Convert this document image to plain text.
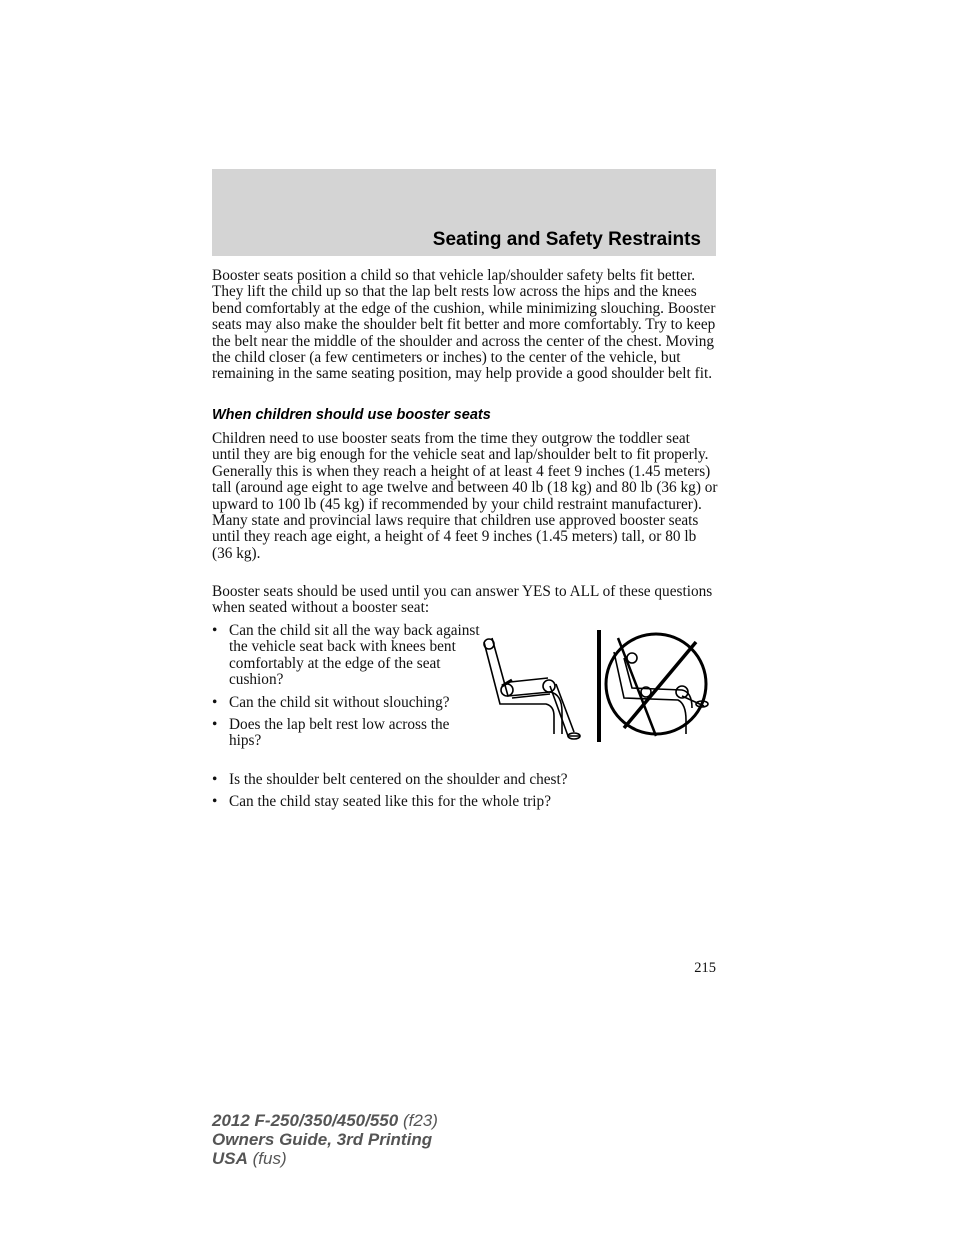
Seating and Safety Restraints

Booster seats position a child so that vehicle lap/shoulder safety belts fit better. They lift the child up so that the lap belt rests low across the hips and the knees bend comfortably at the edge of the cushion, while minimizing slouching. Booster seats may also make the shoulder belt fit better and more comfortably. Try to keep the belt near the middle of the shoulder and across the center of the chest. Moving the child closer (a few centimeters or inches) to the center of the vehicle, but remaining in the same seating position, may help provide a good shoulder belt fit.

When children should use booster seats

Children need to use booster seats from the time they outgrow the toddler seat until they are big enough for the vehicle seat and lap/shoulder belt to fit properly. Generally this is when they reach a height of at least 4 feet 9 inches (1.45 meters) tall (around age eight to age twelve and between 40 lb (18 kg) and 80 lb (36 kg) or upward to 100 lb (45 kg) if recommended by your child restraint manufacturer). Many state and provincial laws require that children use approved booster seats until they reach age eight, a height of 4 feet 9 inches (1.45 meters) tall, or 80 lb (36 kg).

Booster seats should be used until you can answer YES to ALL of these questions when seated without a booster seat:

• Can the child sit all the way back against the vehicle seat back with knees bent comfortably at the edge of the seat cushion?
• Can the child sit without slouching?
• Does the lap belt rest low across the hips?
• Is the shoulder belt centered on the shoulder and chest?
• Can the child stay seated like this for the whole trip?
215
2012 F-250/350/450/550 (f23)
Owners Guide, 3rd Printing
USA (fus)
